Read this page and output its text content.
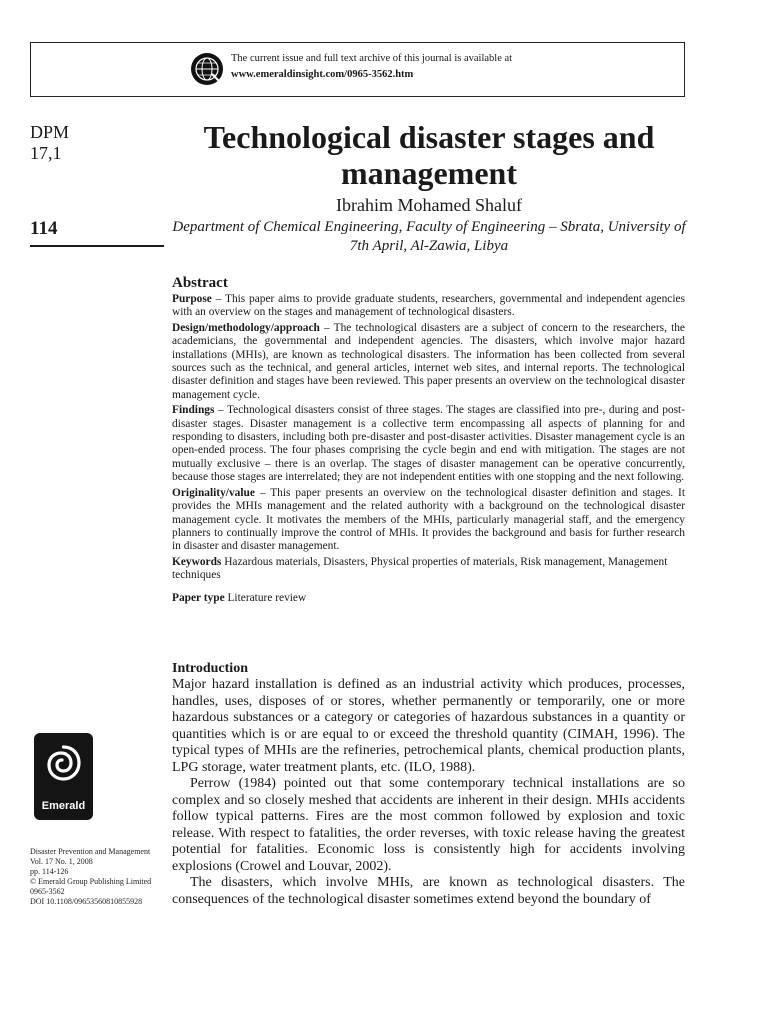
The current issue and full text archive of this journal is available at
www.emeraldinsight.com/0965-3562.htm
DPM
17,1
114
Technological disaster stages and management
Ibrahim Mohamed Shaluf
Department of Chemical Engineering, Faculty of Engineering – Sbrata, University of 7th April, Al-Zawia, Libya
Abstract

Purpose – This paper aims to provide graduate students, researchers, governmental and independent agencies with an overview on the stages and management of technological disasters.

Design/methodology/approach – The technological disasters are a subject of concern to the researchers, the academicians, the governmental and independent agencies. The disasters, which involve major hazard installations (MHIs), are known as technological disasters. The information has been collected from several sources such as the technical, and general articles, internet web sites, and internal reports. The technological disaster definition and stages have been reviewed. This paper presents an overview on the technological disaster management cycle.

Findings – Technological disasters consist of three stages. The stages are classified into pre-, during and post-disaster stages. Disaster management is a collective term encompassing all aspects of planning for and responding to disasters, including both pre-disaster and post-disaster activities. Disaster management cycle is an open-ended process. The four phases comprising the cycle begin and end with mitigation. The stages are not mutually exclusive – there is an overlap. The stages of disaster management can be operative concurrently, because those stages are interrelated; they are not independent entities with one stopping and the next following.

Originality/value – This paper presents an overview on the technological disaster definition and stages. It provides the MHIs management and the related authority with a background on the technological disaster management cycle. It motivates the members of the MHIs, particularly managerial staff, and the emergency planners to continually improve the control of MHIs. It provides the background and basis for further research in disaster and disaster management.

Keywords Hazardous materials, Disasters, Physical properties of materials, Risk management, Management techniques

Paper type Literature review

Introduction

Major hazard installation is defined as an industrial activity which produces, processes, handles, uses, disposes of or stores, whether permanently or temporarily, one or more hazardous substances or a category or categories of hazardous substances in a quantity or quantities which is or are equal to or exceed the threshold quantity (CIMAH, 1996). The typical types of MHIs are the refineries, petrochemical plants, chemical production plants, LPG storage, water treatment plants, etc. (ILO, 1988).

Perrow (1984) pointed out that some contemporary technical installations are so complex and so closely meshed that accidents are inherent in their design. MHIs accidents follow typical patterns. Fires are the most common followed by explosion and toxic release. With respect to fatalities, the order reverses, with toxic release having the greatest potential for fatalities. Economic loss is consistently high for accidents involving explosions (Crowel and Louvar, 2002).

The disasters, which involve MHIs, are known as technological disasters. The consequences of the technological disaster sometimes extend beyond the boundary of

Emerald
Disaster Prevention and Management
Vol. 17 No. 1, 2008
pp. 114-126
© Emerald Group Publishing Limited
0965-3562
DOI 10.1108/09653560810855928
